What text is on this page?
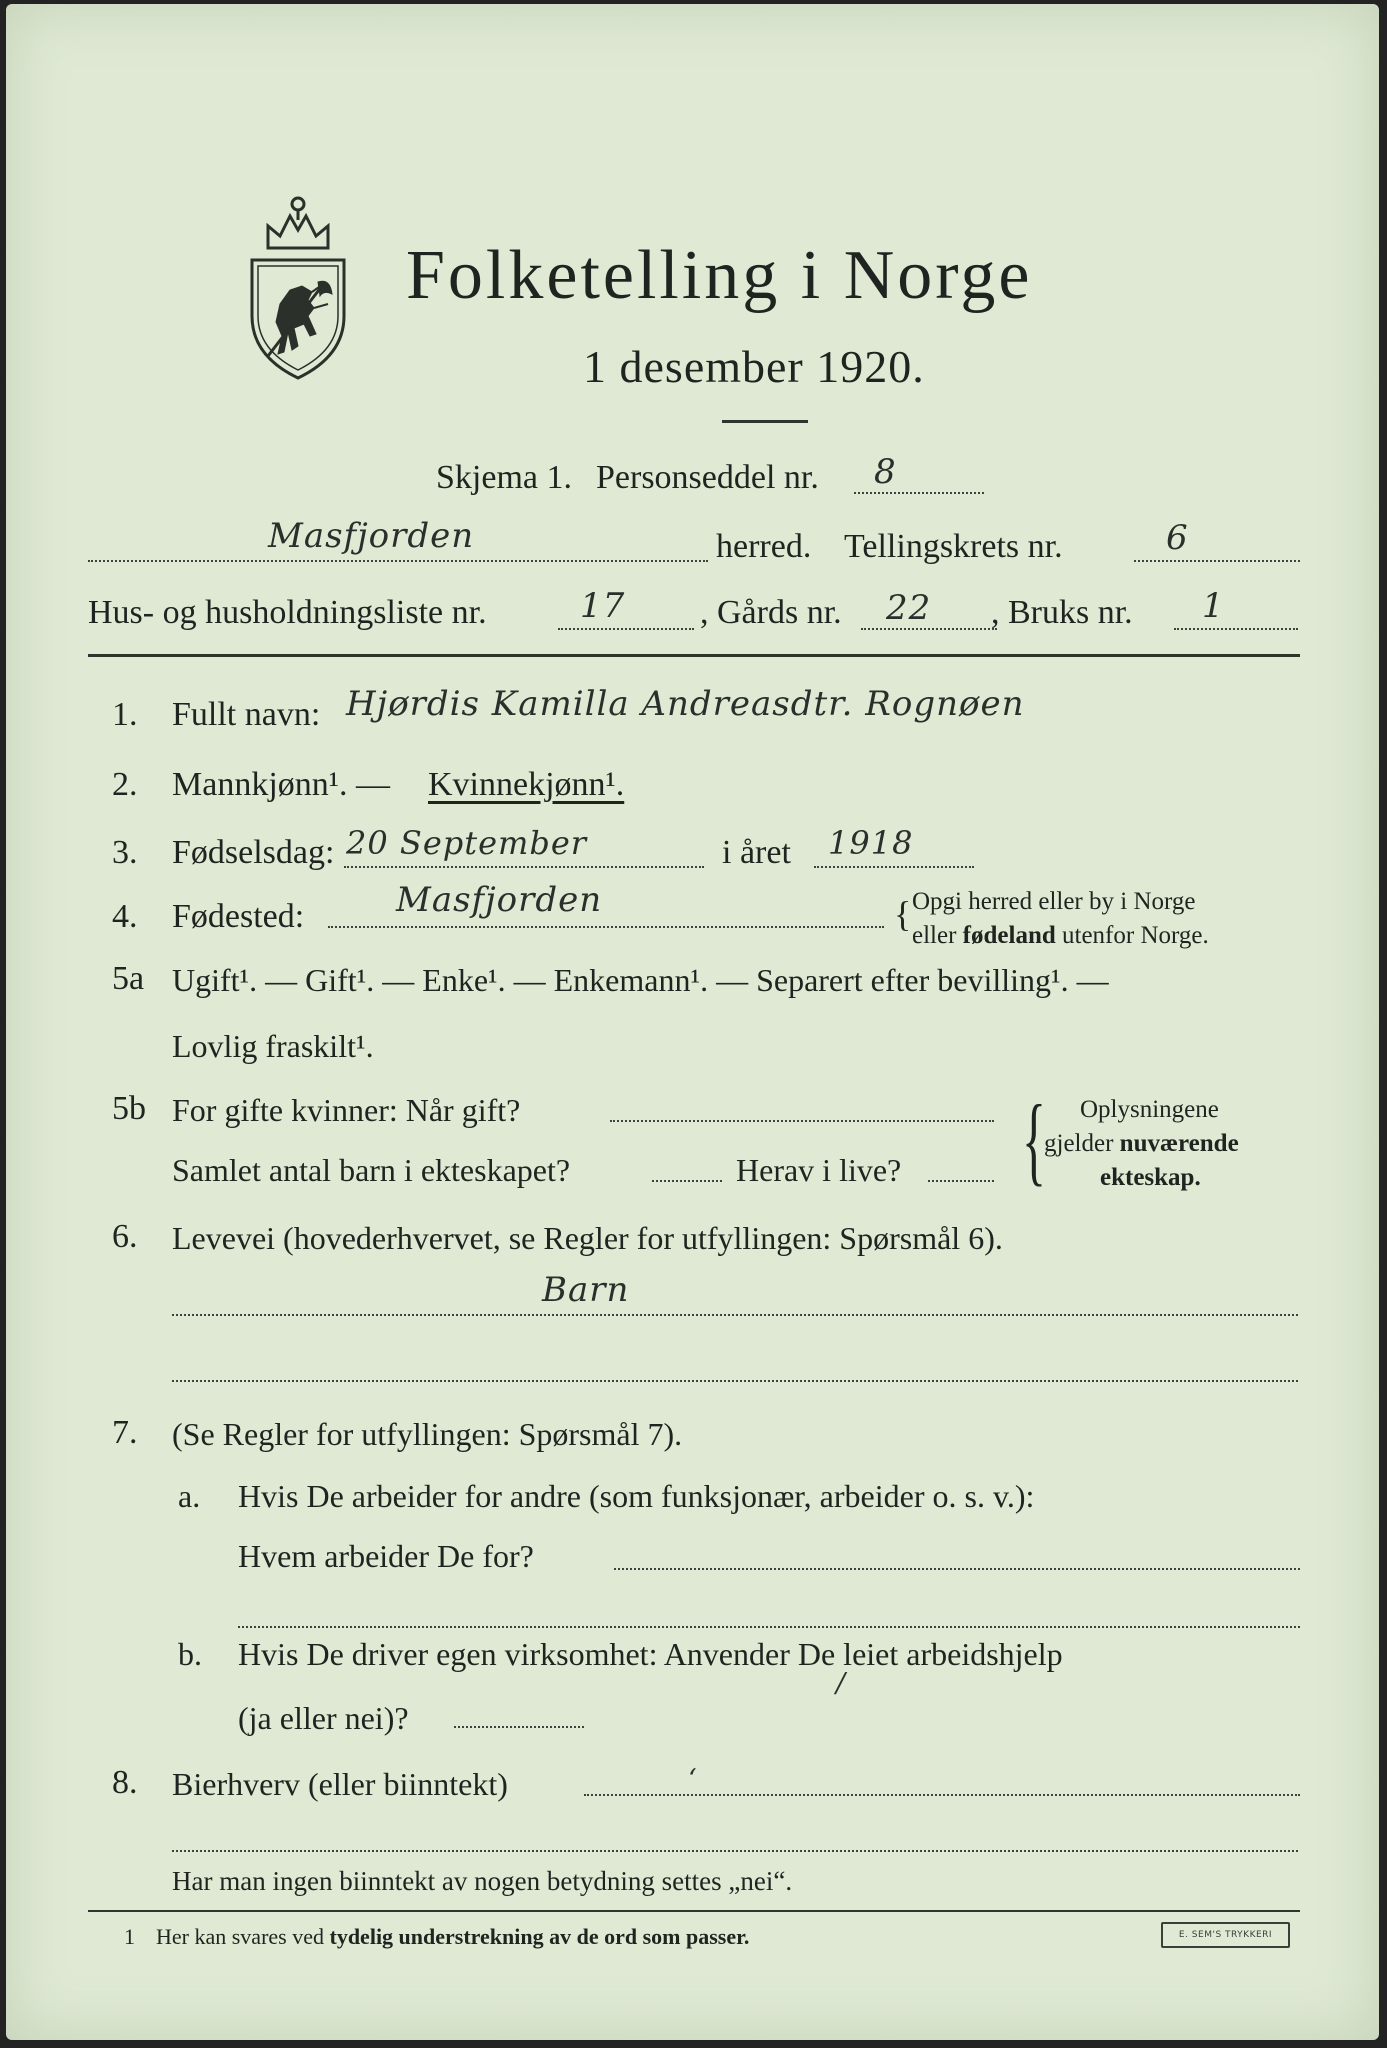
Folketelling i Norge
1 desember 1920.
Skjema 1. Personseddel nr. 8
Masfjorden	herred. Tellingskrets nr.	6
Hus- og husholdningsliste nr.	17 , Gårds nr. 22 , Bruks nr. 1
1.	Fullt navn: Hjørdis Kamilla Andreasdtr. Rognøen
2.	Mannkjønn¹. — Kvinnekjønn¹.
3.	Fødselsdag: 20 September	i året 1918
4.	Fødested:	Masfjorden	{ Opgi herred eller by i Norge
eller fødeland utenfor Norge.
5a Ugift¹. — Gift¹. — Enke¹. — Enkemann¹. — Separert efter bevilling¹. —
Lovlig fraskilt¹.
5b For gifte kvinner: Når gift?
Samlet antal barn i ekteskapet?	Herav i live? { Oplysningene
gjelder nuværende
ekteskap.
6.	Levevei (hovederhvervet, se Regler for utfyllingen: Spørsmål 6).
Barn
7.	(Se Regler for utfyllingen: Spørsmål 7).
a. Hvis De arbeider for andre (som funksjonær, arbeider o. s. v.):
Hvem arbeider De for?
b. Hvis De driver egen virksomhet: Anvender De leiet arbeidshjelp
/
(ja eller nei)?
8.	Bierhverv (eller biinntekt)	‘
Har man ingen biinntekt av nogen betydning settes „nei“.
1 Her kan svares ved tydelig understrekning av de ord som passer.	E. SEM'S TRYKKERI
